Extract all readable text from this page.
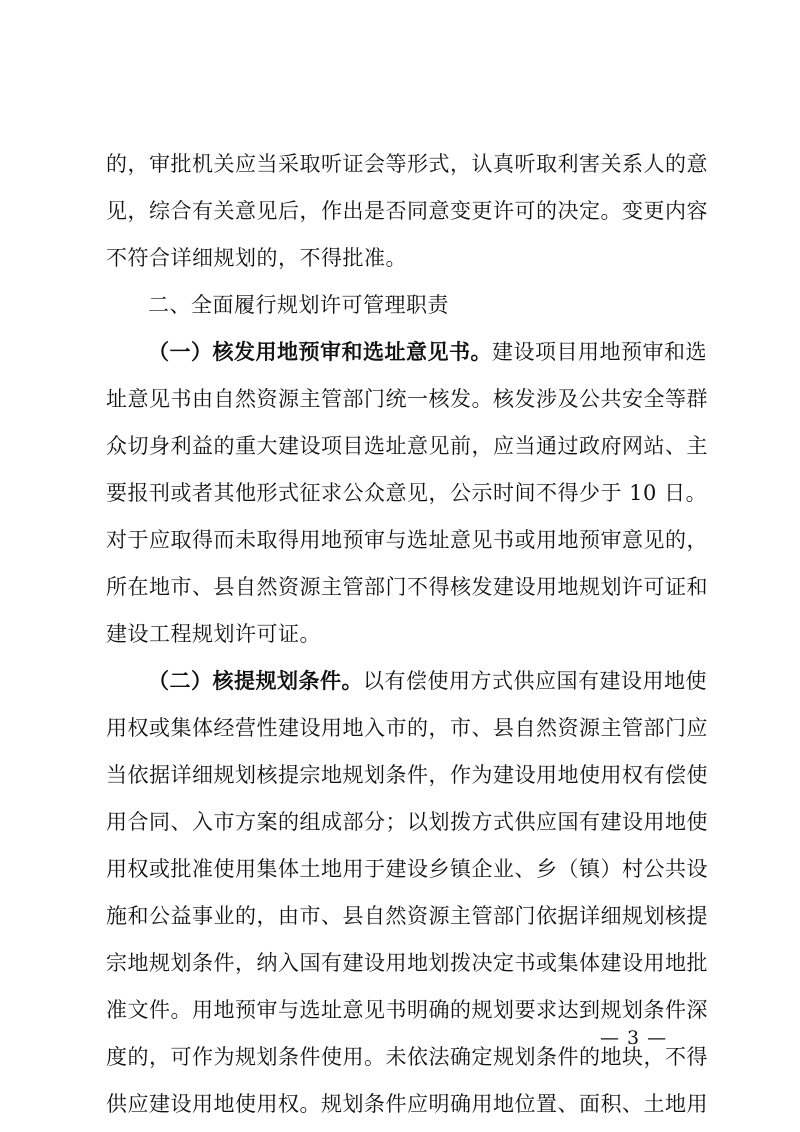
的，审批机关应当采取听证会等形式，认真听取利害关系人的意
见，综合有关意见后，作出是否同意变更许可的决定。变更内容
不符合详细规划的，不得批准。
二、全面履行规划许可管理职责
（一）核发用地预审和选址意见书。建设项目用地预审和选
址意见书由自然资源主管部门统一核发。核发涉及公共安全等群
众切身利益的重大建设项目选址意见前，应当通过政府网站、主
要报刊或者其他形式征求公众意见，公示时间不得少于 10 日。
对于应取得而未取得用地预审与选址意见书或用地预审意见的，
所在地市、县自然资源主管部门不得核发建设用地规划许可证和
建设工程规划许可证。
（二）核提规划条件。以有偿使用方式供应国有建设用地使
用权或集体经营性建设用地入市的，市、县自然资源主管部门应
当依据详细规划核提宗地规划条件，作为建设用地使用权有偿使
用合同、入市方案的组成部分；以划拨方式供应国有建设用地使
用权或批准使用集体土地用于建设乡镇企业、乡（镇）村公共设
施和公益事业的，由市、县自然资源主管部门依据详细规划核提
宗地规划条件，纳入国有建设用地划拨决定书或集体建设用地批
准文件。用地预审与选址意见书明确的规划要求达到规划条件深
度的，可作为规划条件使用。未依法确定规划条件的地块，不得
供应建设用地使用权。规划条件应明确用地位置、面积、土地用
— 3 —
